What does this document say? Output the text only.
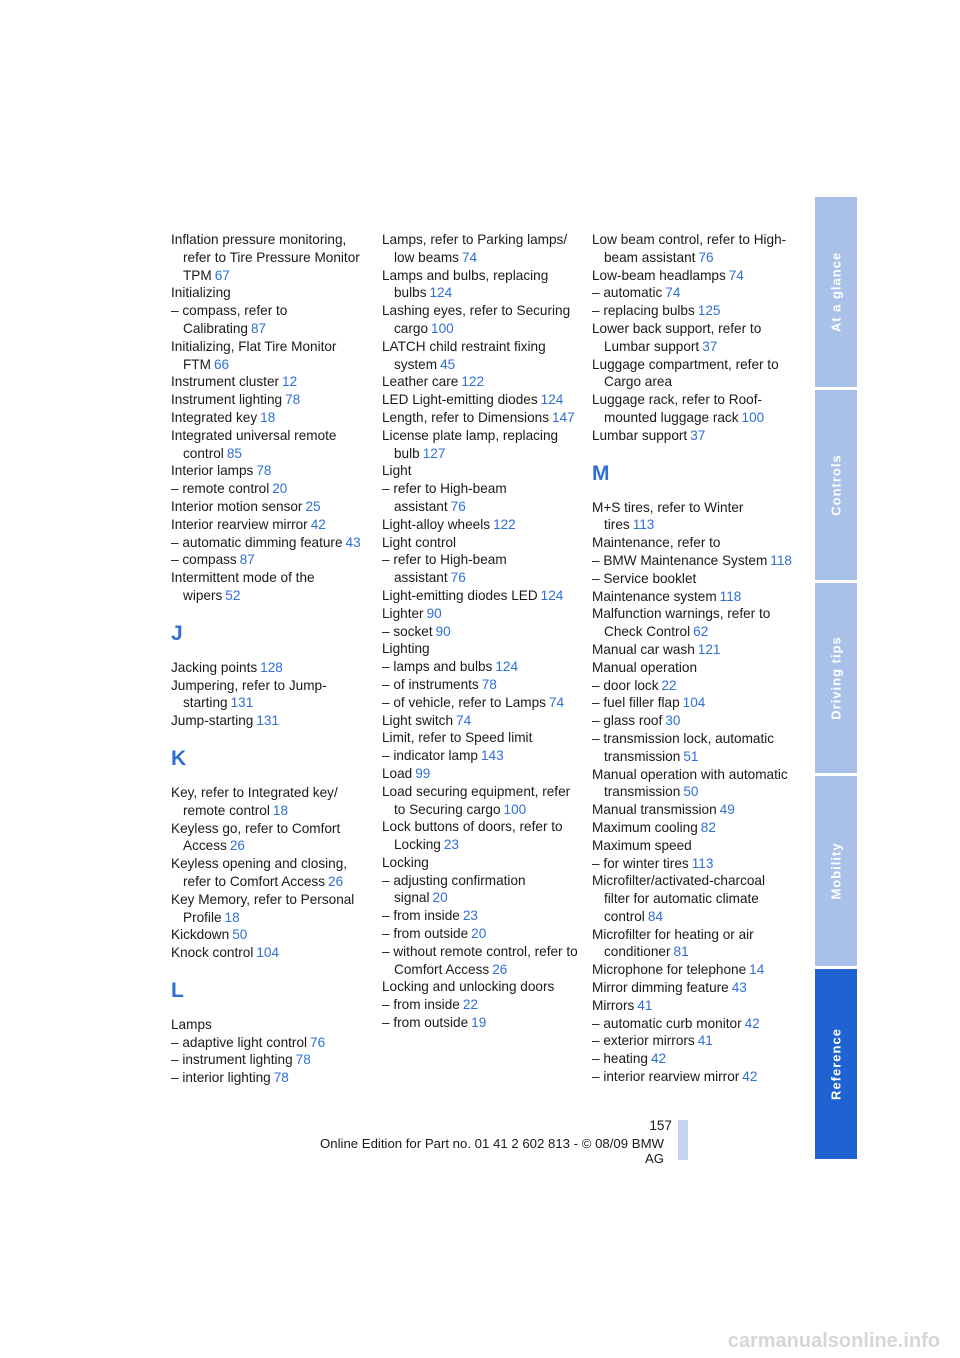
Inflation pressure monitoring, refer to Tire Pressure Monitor TPM 67
Initializing
– compass, refer to Calibrating 87
Initializing, Flat Tire Monitor FTM 66
Instrument cluster 12
Instrument lighting 78
Integrated key 18
Integrated universal remote control 85
Interior lamps 78
– remote control 20
Interior motion sensor 25
Interior rearview mirror 42
– automatic dimming feature 43
– compass 87
Intermittent mode of the wipers 52
J
Jacking points 128
Jumpering, refer to Jump-starting 131
Jump-starting 131
K
Key, refer to Integrated key/ remote control 18
Keyless go, refer to Comfort Access 26
Keyless opening and closing, refer to Comfort Access 26
Key Memory, refer to Personal Profile 18
Kickdown 50
Knock control 104
L
Lamps
– adaptive light control 76
– instrument lighting 78
– interior lighting 78
Lamps, refer to Parking lamps/ low beams 74
Lamps and bulbs, replacing bulbs 124
Lashing eyes, refer to Securing cargo 100
LATCH child restraint fixing system 45
Leather care 122
LED Light-emitting diodes 124
Length, refer to Dimensions 147
License plate lamp, replacing bulb 127
Light
– refer to High-beam assistant 76
Light-alloy wheels 122
Light control
– refer to High-beam assistant 76
Light-emitting diodes LED 124
Lighter 90
– socket 90
Lighting
– lamps and bulbs 124
– of instruments 78
– of vehicle, refer to Lamps 74
Light switch 74
Limit, refer to Speed limit
– indicator lamp 143
Load 99
Load securing equipment, refer to Securing cargo 100
Lock buttons of doors, refer to Locking 23
Locking
– adjusting confirmation signal 20
– from inside 23
– from outside 20
– without remote control, refer to Comfort Access 26
Locking and unlocking doors
– from inside 22
– from outside 19
Low beam control, refer to High-beam assistant 76
Low-beam headlamps 74
– automatic 74
– replacing bulbs 125
Lower back support, refer to Lumbar support 37
Luggage compartment, refer to Cargo area
Luggage rack, refer to Roof-mounted luggage rack 100
Lumbar support 37
M
M+S tires, refer to Winter tires 113
Maintenance, refer to
– BMW Maintenance System 118
– Service booklet
Maintenance system 118
Malfunction warnings, refer to Check Control 62
Manual car wash 121
Manual operation
– door lock 22
– fuel filler flap 104
– glass roof 30
– transmission lock, automatic transmission 51
Manual operation with automatic transmission 50
Manual transmission 49
Maximum cooling 82
Maximum speed
– for winter tires 113
Microfilter/activated-charcoal filter for automatic climate control 84
Microfilter for heating or air conditioner 81
Microphone for telephone 14
Mirror dimming feature 43
Mirrors 41
– automatic curb monitor 42
– exterior mirrors 41
– heating 42
– interior rearview mirror 42
At a glance
Controls
Driving tips
Mobility
Reference
157
Online Edition for Part no. 01 41 2 602 813 - © 08/09 BMW AG
carmanualsonline.info
